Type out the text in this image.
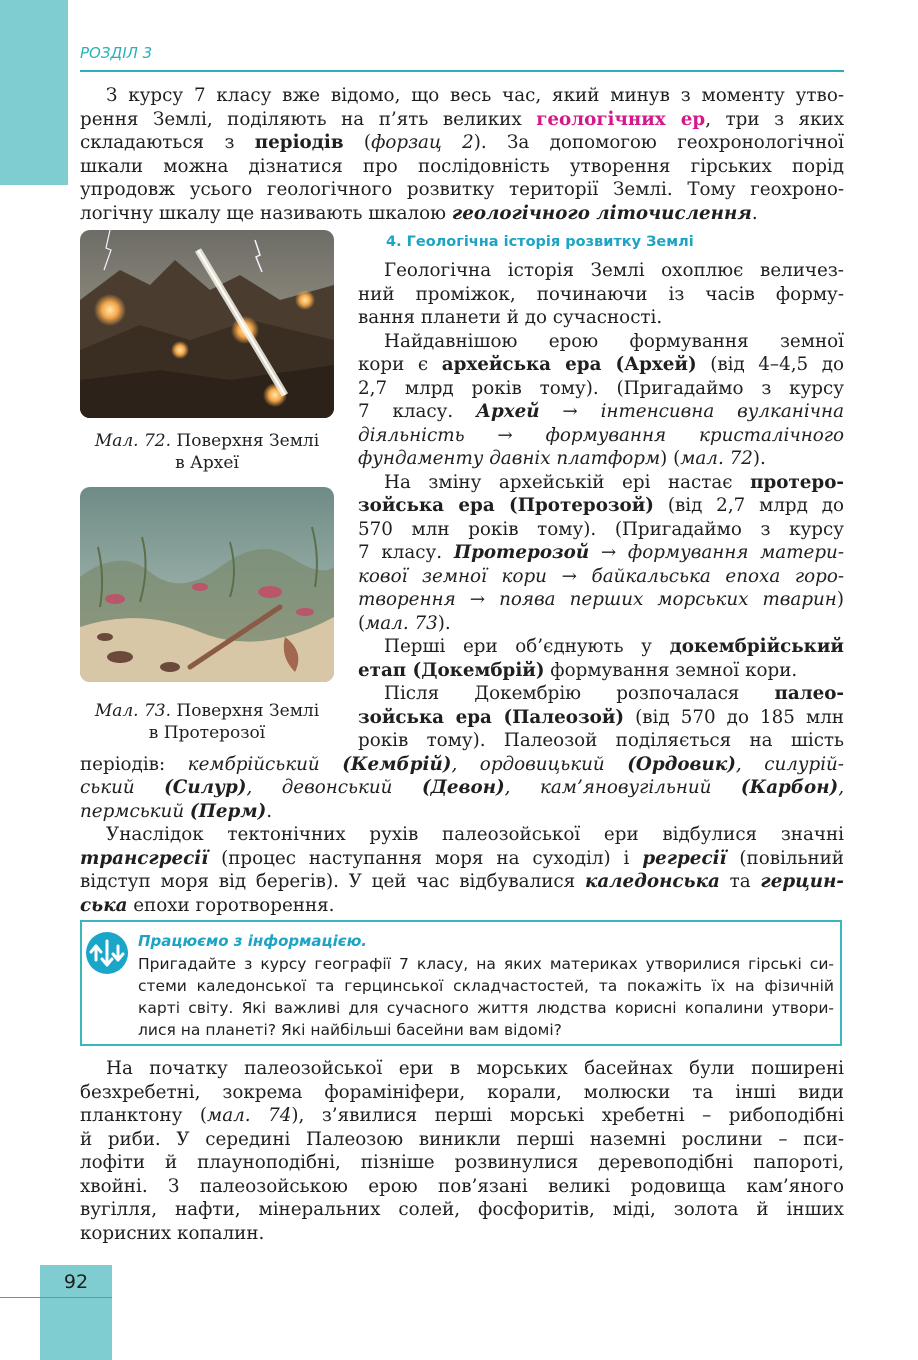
РОЗДІЛ 3

З курсу 7 класу вже відомо, що весь час, який минув з моменту утво-

рення Землі, поділяють на п’ять великих геологічних ер, три з яких

складаються з періодів (форзац 2). За допомогою геохронологічної

шкали можна дізнатися про послідовність утворення гірських порід

упродовж усього геологічного розвитку території Землі. Тому геохроно-

логічну шкалу ще називають шкалою геологічного літочислення.

Мал. 72. Поверхня Землі
в Археї

Мал. 73. Поверхня Землі
в Протерозої

4. Геологічна історія розвитку Землі

Геологічна історія Землі охоплює величез-

ний проміжок, починаючи із часів форму-

вання планети й до сучасності.

Найдавнішою ерою формування земної

кори є архейська ера (Архей) (від 4–4,5 до

2,7 млрд років тому). (Пригадаймо з курсу

7 класу. Архей → інтенсивна вулканічна

діяльність → формування кристалічного

фундаменту давніх платформ) (мал. 72).

На зміну архейській ері настає протеро-

зойська ера (Протерозой) (від 2,7 млрд до

570 млн років тому). (Пригадаймо з курсу

7 класу. Протерозой → формування матери-

кової земної кори → байкальська епоха горо-

творення → поява перших морських тварин)

(мал. 73).

Перші ери об’єднують у докембрійський

етап (Докембрій) формування земної кори.

Після Докембрію розпочалася палео-

зойська ера (Палеозой) (від 570 до 185 млн

років тому). Палеозой поділяється на шість

періодів: кембрійський (Кембрій), ордовицький (Ордовик), силурій-

ський (Силур), девонський (Девон), кам’яновугільний (Карбон),

пермський (Перм).

Унаслідок тектонічних рухів палеозойської ери відбулися значні

трансгресії (процес наступання моря на суходіл) і регресії (повільний

відступ моря від берегів). У цей час відбувалися каледонська та герцин-

ська епохи горотворення.

Працюємо з інформацією.

Пригадайте з курсу географії 7 класу, на яких материках утворилися гірські си-

стеми каледонської та герцинської складчастостей, та покажіть їх на фізичній

карті світу. Які важливі для сучасного життя людства корисні копалини утвори-

лися на планеті? Які найбільші басейни вам відомі?

На початку палеозойської ери в морських басейнах були поширені

безхребетні, зокрема форамініфери, корали, молюски та інші види

планктону (мал. 74), з’явилися перші морські хребетні – рибоподібні

й риби. У середині Палеозою виникли перші наземні рослини – пси-

лофіти й плауноподібні, пізніше розвинулися деревоподібні папороті,

хвойні. З палеозойською ерою пов’язані великі родовища кам’яного

вугілля, нафти, мінеральних солей, фосфоритів, міді, золота й інших

корисних копалин.

92
